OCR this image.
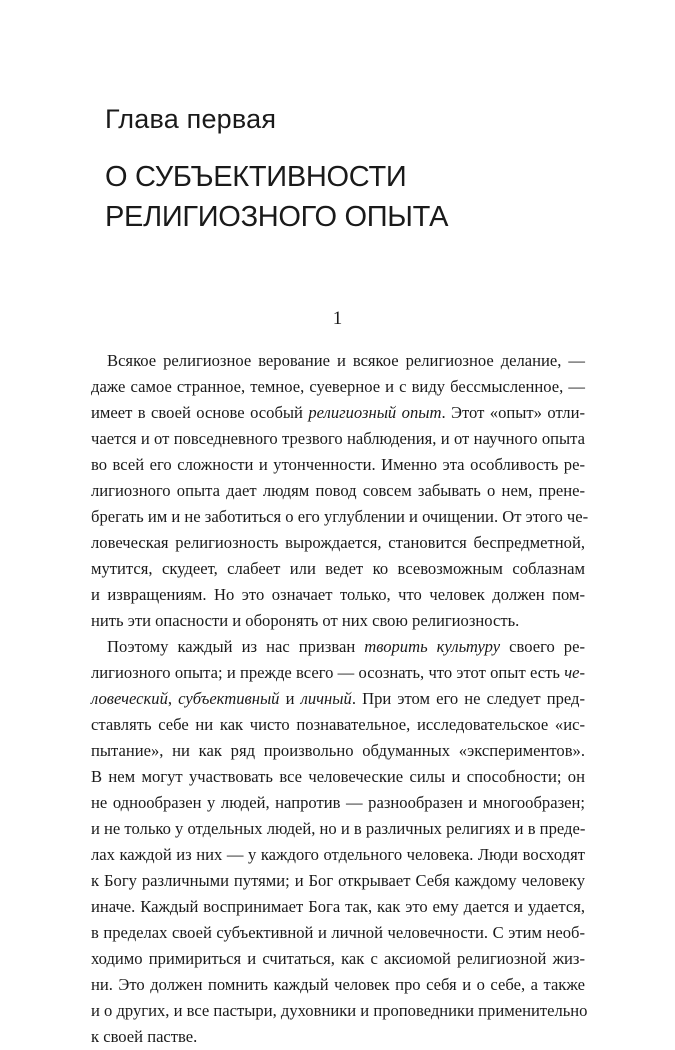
Глава первая
О СУБЪЕКТИВНОСТИ
РЕЛИГИОЗНОГО ОПЫТА
1
Всякое религиозное верование и всякое религиозное делание, —
даже самое странное, темное, суеверное и с виду бессмысленное, —
имеет в своей основе особый религиозный опыт. Этот «опыт» отли-
чается и от повседневного трезвого наблюдения, и от научного опыта
во всей его сложности и утонченности. Именно эта особливость ре-
лигиозного опыта дает людям повод совсем забывать о нем, прене-
брегать им и не заботиться о его углублении и очищении. От этого че-
ловеческая религиозность вырождается, становится беспредметной,
мутится, скудеет, слабеет или ведет ко всевозможным соблазнам
и извращениям. Но это означает только, что человек должен пом-
нить эти опасности и оборонять от них свою религиозность.
Поэтому каждый из нас призван творить культуру своего ре-
лигиозного опыта; и прежде всего — осознать, что этот опыт есть че-
ловеческий, субъективный и личный. При этом его не следует пред-
ставлять себе ни как чисто познавательное, исследовательское «ис-
пытание», ни как ряд произвольно обдуманных «экспериментов».
В нем могут участвовать все человеческие силы и способности; он
не однообразен у людей, напротив — разнообразен и многообразен;
и не только у отдельных людей, но и в различных религиях и в преде-
лах каждой из них — у каждого отдельного человека. Люди восходят
к Богу различными путями; и Бог открывает Себя каждому человеку
иначе. Каждый воспринимает Бога так, как это ему дается и удается,
в пределах своей субъективной и личной человечности. С этим необ-
ходимо примириться и считаться, как с аксиомой религиозной жиз-
ни. Это должен помнить каждый человек про себя и о себе, а также
и о других, и все пастыри, духовники и проповедники применительно
к своей пастве.
